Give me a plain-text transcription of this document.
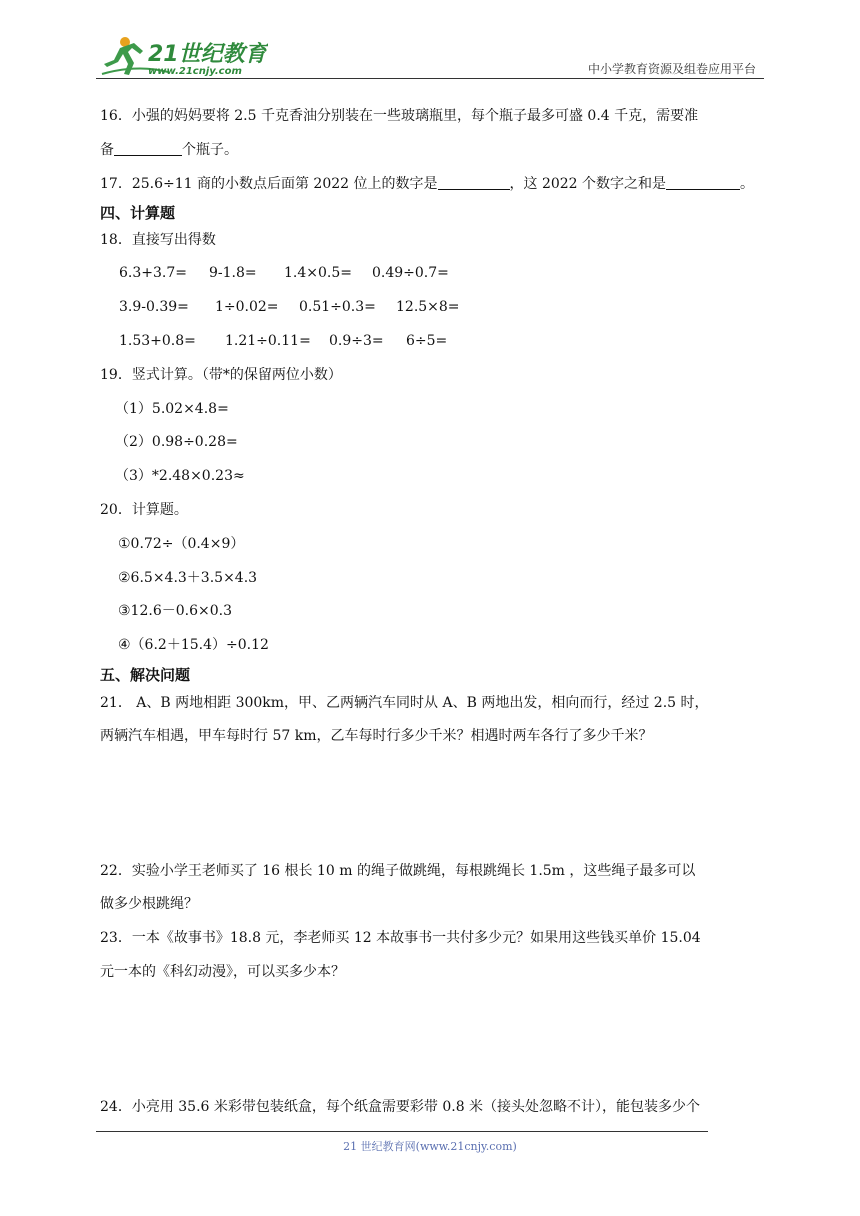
21世纪教育
www.21cnjy.com	中小学教育资源及组卷应用平台
16．小强的妈妈要将 2.5 千克香油分别装在一些玻璃瓶里，每个瓶子最多可盛 0.4 千克，需要准
备	个瓶子。
17．25.6÷11 商的小数点后面第 2022 位上的数字是	，这 2022 个数字之和是	。
四、计算题
18．直接写出得数
6.3+3.7= 9-1.8= 1.4×0.5= 0.49÷0.7=
3.9-0.39= 1÷0.02= 0.51÷0.3= 12.5×8=
1.53+0.8= 1.21÷0.11= 0.9÷3= 6÷5=
19．竖式计算。（带*的保留两位小数）
（1）5.02×4.8=
（2）0.98÷0.28=
（3）*2.48×0.23≈
20．计算题。
①0.72÷（0.4×9）
②6.5×4.3＋3.5×4.3
③12.6－0.6×0.3
④（6.2＋15.4）÷0.12
五、解决问题
21． A、B 两地相距 300km，甲、乙两辆汽车同时从 A、B 两地出发，相向而行，经过 2.5 时，
两辆汽车相遇，甲车每时行 57 km，乙车每时行多少千米？相遇时两车各行了多少千米？
22．实验小学王老师买了 16 根长 10 m 的绳子做跳绳，每根跳绳长 1.5m ，这些绳子最多可以
做多少根跳绳？
23．一本《故事书》18.8 元，李老师买 12 本故事书一共付多少元？如果用这些钱买单价 15.04
元一本的《科幻动漫》，可以买多少本？
24．小亮用 35.6 米彩带包装纸盒，每个纸盒需要彩带 0.8 米（接头处忽略不计），能包装多少个
21 世纪教育网(www.21cnjy.com)
